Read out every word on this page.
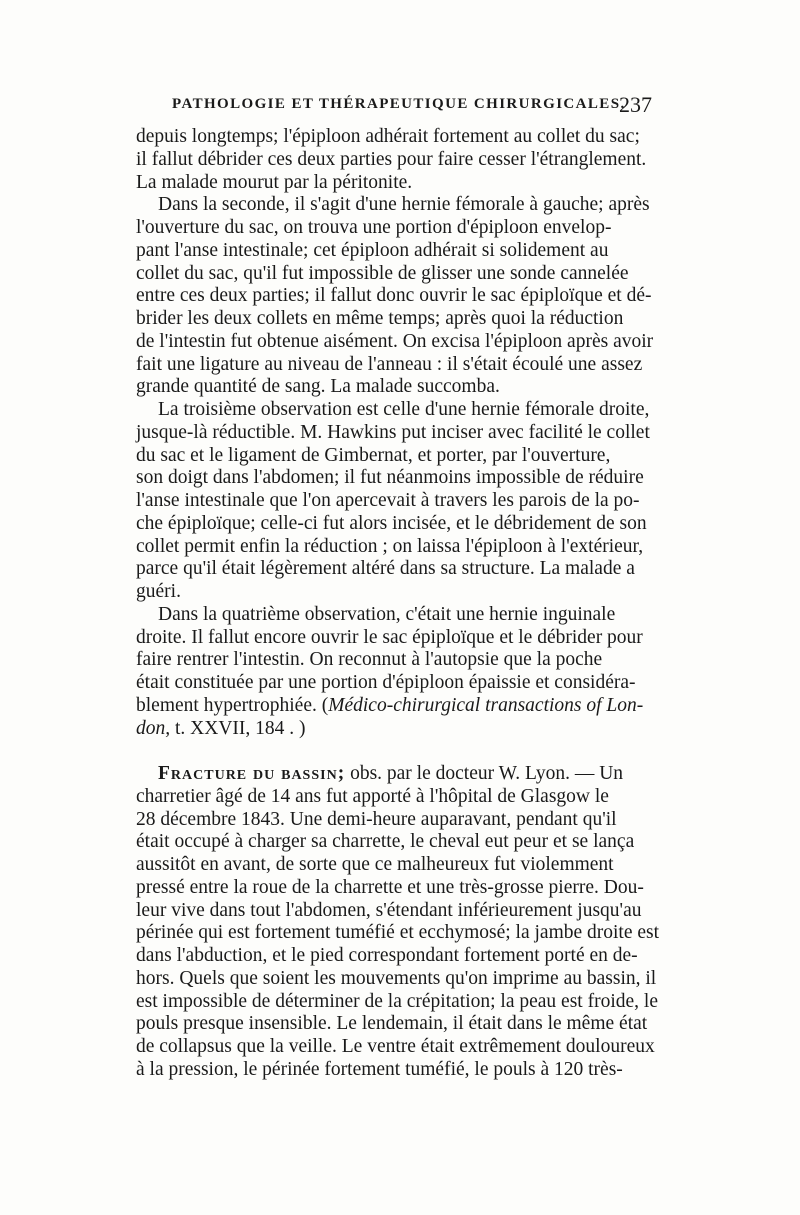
PATHOLOGIE ET THÉRAPEUTIQUE CHIRURGICALES.
237
depuis longtemps; l'épiploon adhérait fortement au collet du sac;
il fallut débrider ces deux parties pour faire cesser l'étranglement.
La malade mourut par la péritonite.
Dans la seconde, il s'agit d'une hernie fémorale à gauche; après
l'ouverture du sac, on trouva une portion d'épiploon envelop-
pant l'anse intestinale; cet épiploon adhérait si solidement au
collet du sac, qu'il fut impossible de glisser une sonde cannelée
entre ces deux parties; il fallut donc ouvrir le sac épiploïque et dé-
brider les deux collets en même temps; après quoi la réduction
de l'intestin fut obtenue aisément. On excisa l'épiploon après avoir
fait une ligature au niveau de l'anneau : il s'était écoulé une assez
grande quantité de sang. La malade succomba.
La troisième observation est celle d'une hernie fémorale droite,
jusque-là réductible. M. Hawkins put inciser avec facilité le collet
du sac et le ligament de Gimbernat, et porter, par l'ouverture,
son doigt dans l'abdomen; il fut néanmoins impossible de réduire
l'anse intestinale que l'on apercevait à travers les parois de la po-
che épiploïque; celle-ci fut alors incisée, et le débridement de son
collet permit enfin la réduction ; on laissa l'épiploon à l'extérieur,
parce qu'il était légèrement altéré dans sa structure. La malade a
guéri.
Dans la quatrième observation, c'était une hernie inguinale
droite. Il fallut encore ouvrir le sac épiploïque et le débrider pour
faire rentrer l'intestin. On reconnut à l'autopsie que la poche
était constituée par une portion d'épiploon épaissie et considéra-
blement hypertrophiée. (Médico-chirurgical transactions of Lon-
don, t. XXVII, 184 . )
Fracture du bassin; obs. par le docteur W. Lyon. — Un
charretier âgé de 14 ans fut apporté à l'hôpital de Glasgow le
28 décembre 1843. Une demi-heure auparavant, pendant qu'il
était occupé à charger sa charrette, le cheval eut peur et se lança
aussitôt en avant, de sorte que ce malheureux fut violemment
pressé entre la roue de la charrette et une très-grosse pierre. Dou-
leur vive dans tout l'abdomen, s'étendant inférieurement jusqu'au
périnée qui est fortement tuméfié et ecchymosé; la jambe droite est
dans l'abduction, et le pied correspondant fortement porté en de-
hors. Quels que soient les mouvements qu'on imprime au bassin, il
est impossible de déterminer de la crépitation; la peau est froide, le
pouls presque insensible. Le lendemain, il était dans le même état
de collapsus que la veille. Le ventre était extrêmement douloureux
à la pression, le périnée fortement tuméfié, le pouls à 120 très-
